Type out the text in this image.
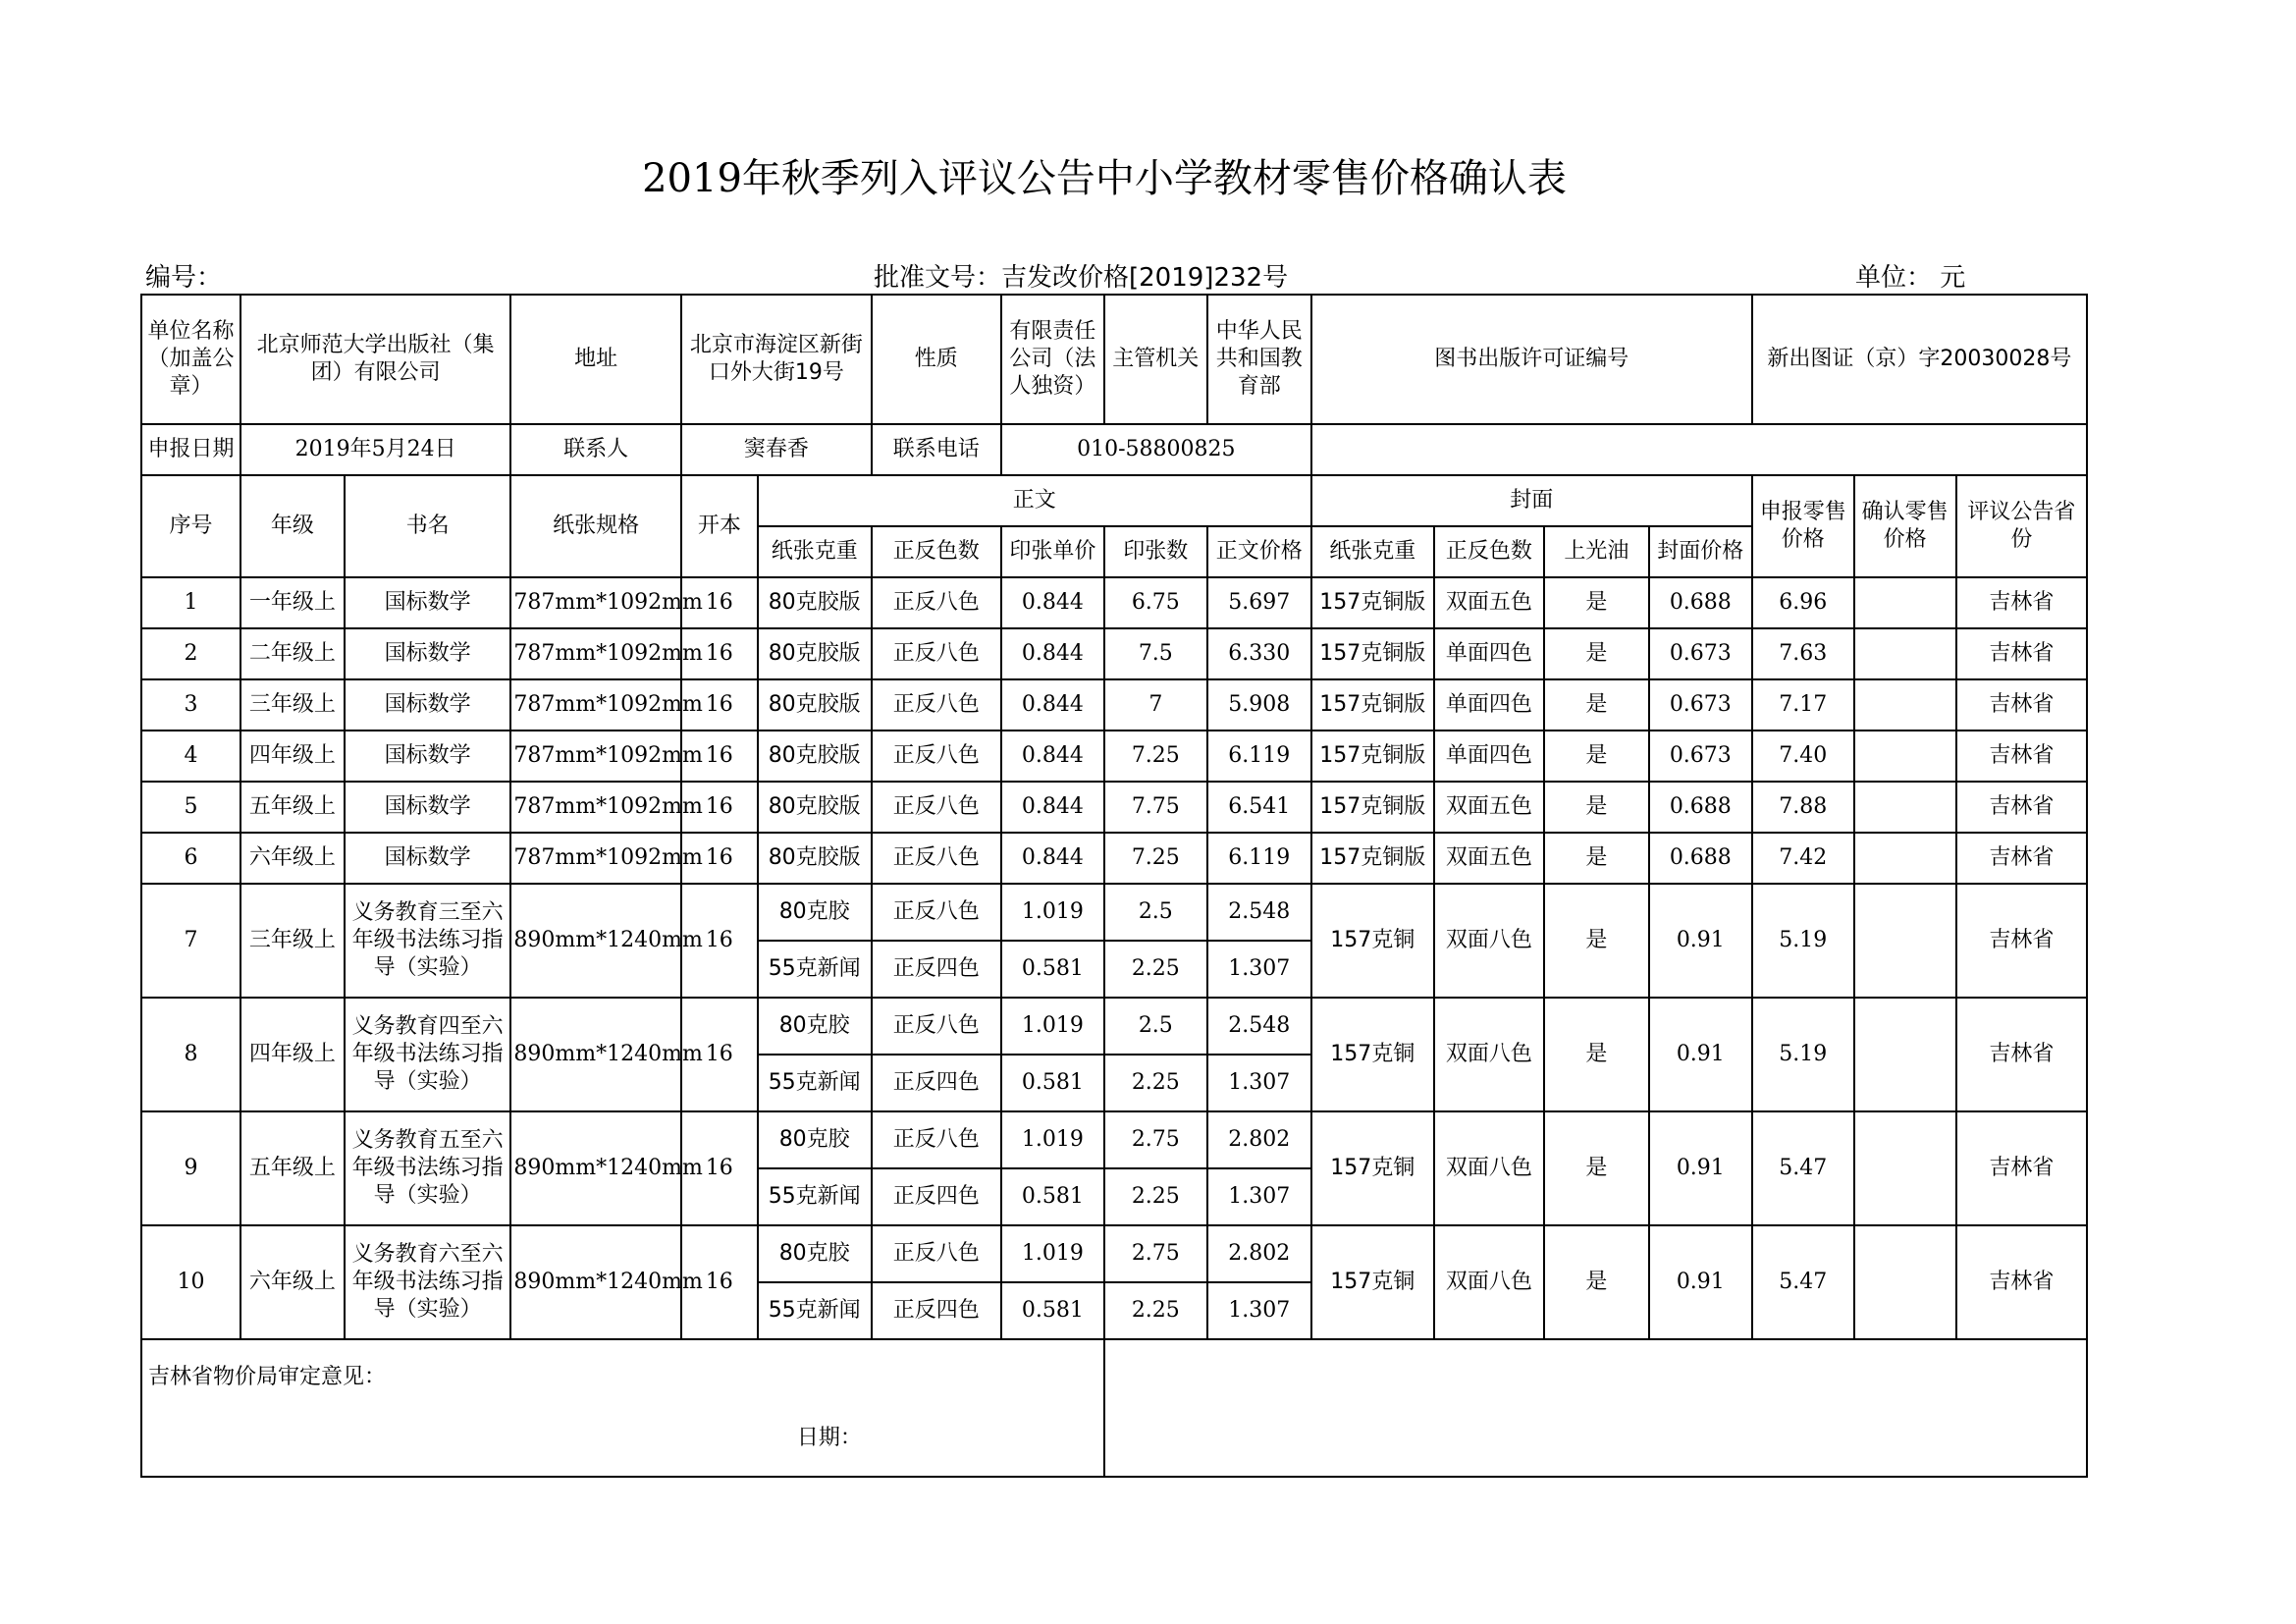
2019年秋季列入评议公告中小学教材零售价格确认表
编号：	批准文号：吉发改价格[2019]232号	单位： 元
单位名称（加盖公章）	北京师范大学出版社（集团）有限公司		地址	北京市海淀区新街口外大街19号		性质	有限责任公司（法人独资）	主管机关	中华人民共和国教育部	图书出版许可证编号				新出图证（京）字20030028号		
申报日期	2019年5月24日		联系人	窦春香		联系电话	010-58800825									
序号	年级	书名	纸张规格	开本	正文					封面				申报零售价格	确认零售价格	评议公告省份
					纸张克重	正反色数	印张单价	印张数	正文价格	纸张克重	正反色数	上光油	封面价格			
1	一年级上	国标数学	787mm*1092mm	16	80克胶版	正反八色	0.844	6.75	5.697	157克铜版	双面五色	是	0.688	6.96		吉林省
2	二年级上	国标数学	787mm*1092mm	16	80克胶版	正反八色	0.844	7.5	6.330	157克铜版	单面四色	是	0.673	7.63		吉林省
3	三年级上	国标数学	787mm*1092mm	16	80克胶版	正反八色	0.844	7	5.908	157克铜版	单面四色	是	0.673	7.17		吉林省
4	四年级上	国标数学	787mm*1092mm	16	80克胶版	正反八色	0.844	7.25	6.119	157克铜版	单面四色	是	0.673	7.40		吉林省
5	五年级上	国标数学	787mm*1092mm	16	80克胶版	正反八色	0.844	7.75	6.541	157克铜版	双面五色	是	0.688	7.88		吉林省
6	六年级上	国标数学	787mm*1092mm	16	80克胶版	正反八色	0.844	7.25	6.119	157克铜版	双面五色	是	0.688	7.42		吉林省
7	三年级上	义务教育三至六年级书法练习指导（实验）	890mm*1240mm	16	80克胶	正反八色	1.019	2.5	2.548	157克铜	双面八色	是	0.91	5.19		吉林省
					55克新闻	正反四色	0.581	2.25	1.307							
8	四年级上	义务教育四至六年级书法练习指导（实验）	890mm*1240mm	16	80克胶	正反八色	1.019	2.5	2.548	157克铜	双面八色	是	0.91	5.19		吉林省
					55克新闻	正反四色	0.581	2.25	1.307							
9	五年级上	义务教育五至六年级书法练习指导（实验）	890mm*1240mm	16	80克胶	正反八色	1.019	2.75	2.802	157克铜	双面八色	是	0.91	5.47		吉林省
					55克新闻	正反四色	0.581	2.25	1.307							
10	六年级上	义务教育六至六年级书法练习指导（实验）	890mm*1240mm	16	80克胶	正反八色	1.019	2.75	2.802	157克铜	双面八色	是	0.91	5.47		吉林省
					55克新闻	正反四色	0.581	2.25	1.307							
吉林省物价局审定意见：
日期：																
